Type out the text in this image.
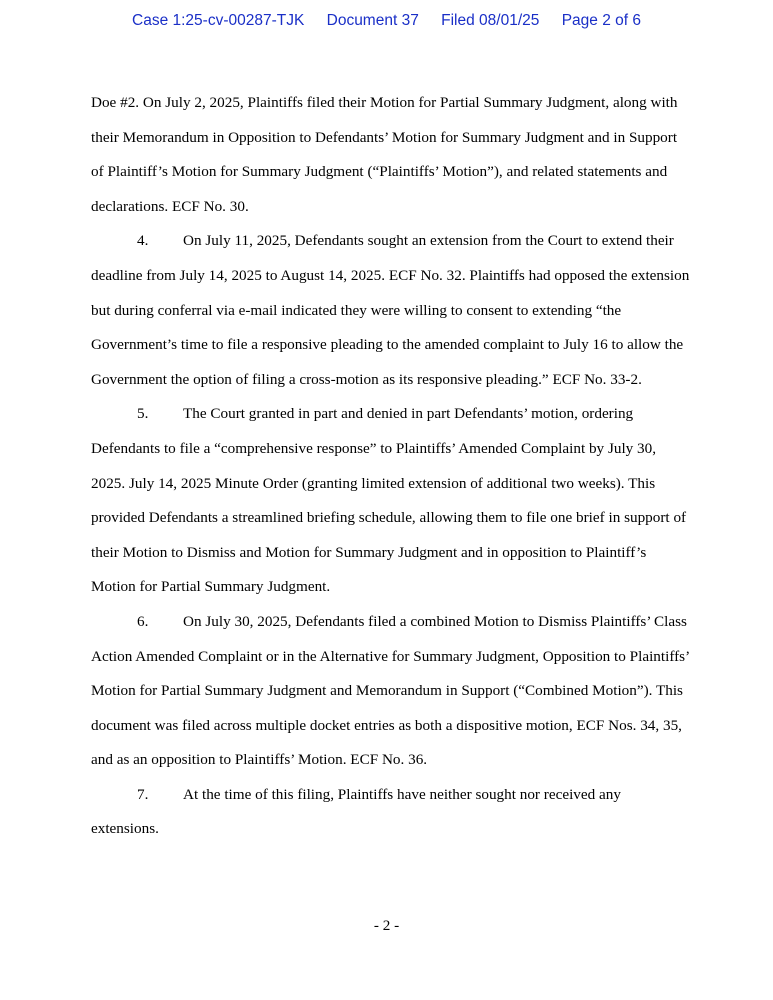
Case 1:25-cv-00287-TJK Document 37 Filed 08/01/25 Page 2 of 6

Doe #2. On July 2, 2025, Plaintiffs filed their Motion for Partial Summary Judgment, along with their Memorandum in Opposition to Defendants’ Motion for Summary Judgment and in Support of Plaintiff’s Motion for Summary Judgment (“Plaintiffs’ Motion”), and related statements and declarations. ECF No. 30.

4. On July 11, 2025, Defendants sought an extension from the Court to extend their deadline from July 14, 2025 to August 14, 2025. ECF No. 32. Plaintiffs had opposed the extension but during conferral via e-mail indicated they were willing to consent to extending “the Government’s time to file a responsive pleading to the amended complaint to July 16 to allow the Government the option of filing a cross-motion as its responsive pleading.” ECF No. 33-2.

5. The Court granted in part and denied in part Defendants’ motion, ordering Defendants to file a “comprehensive response” to Plaintiffs’ Amended Complaint by July 30, 2025. July 14, 2025 Minute Order (granting limited extension of additional two weeks). This provided Defendants a streamlined briefing schedule, allowing them to file one brief in support of their Motion to Dismiss and Motion for Summary Judgment and in opposition to Plaintiff’s Motion for Partial Summary Judgment.

6. On July 30, 2025, Defendants filed a combined Motion to Dismiss Plaintiffs’ Class Action Amended Complaint or in the Alternative for Summary Judgment, Opposition to Plaintiffs’ Motion for Partial Summary Judgment and Memorandum in Support (“Combined Motion”). This document was filed across multiple docket entries as both a dispositive motion, ECF Nos. 34, 35, and as an opposition to Plaintiffs’ Motion. ECF No. 36.

7. At the time of this filing, Plaintiffs have neither sought nor received any extensions.

- 2 -
